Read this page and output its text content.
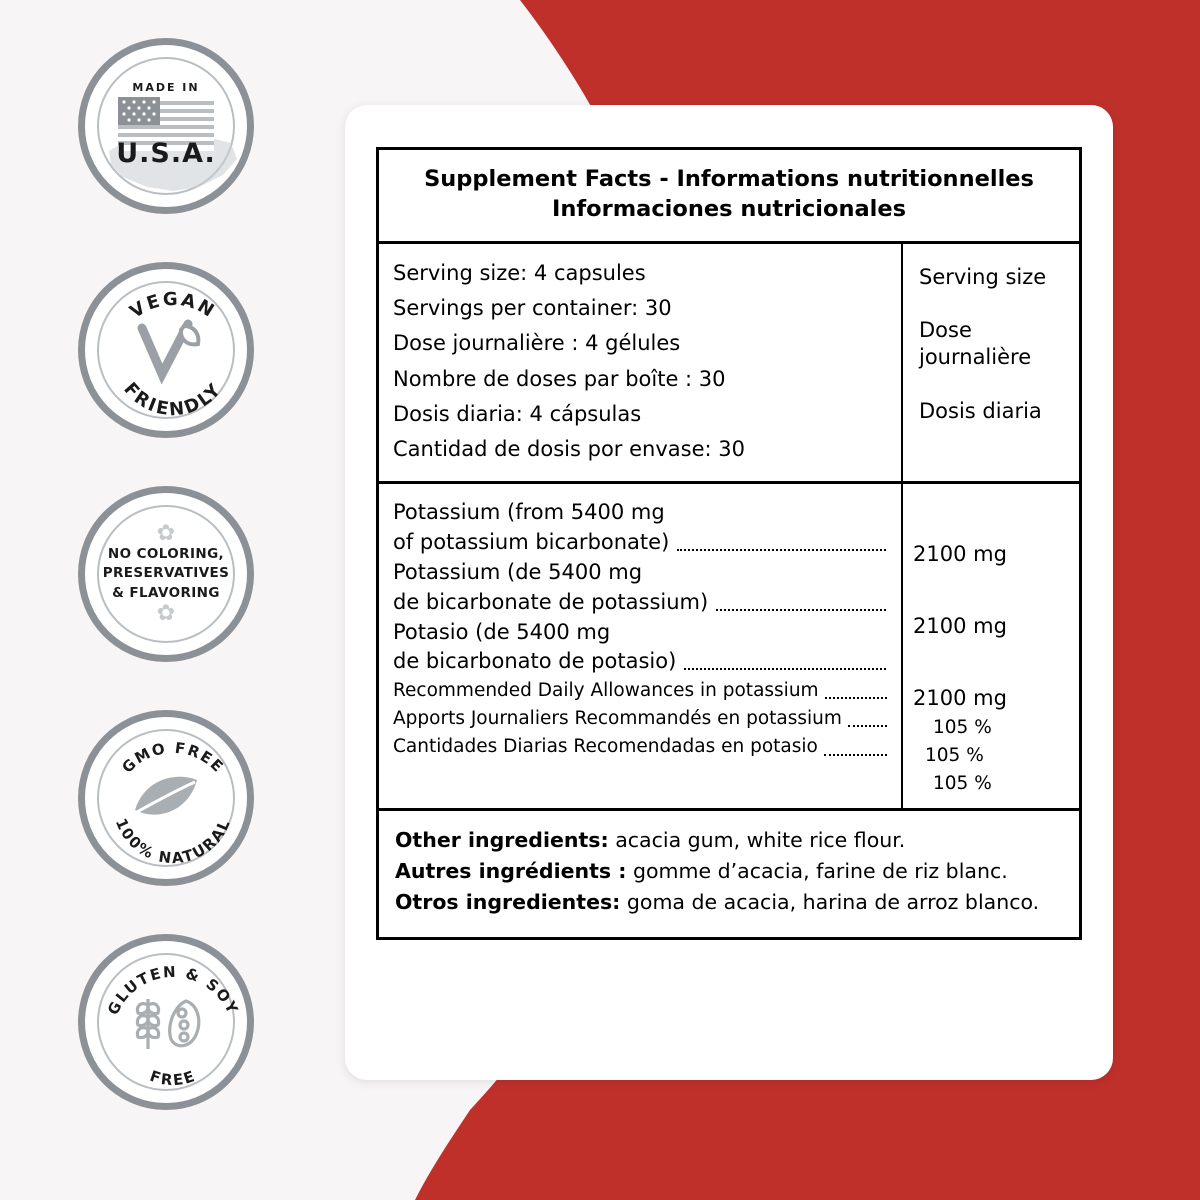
MADE IN
U.S.A.
VEGAN
FRIENDLY
✿
NO COLORING,
PRESERVATIVES
& FLAVORING
✿
GMO FREE
100% NATURAL
GLUTEN & SOY
FREE
Supplement Facts - Informations nutritionnelles
Informaciones nutricionales
Serving size: 4 capsules
Servings per container: 30
Dose journalière : 4 gélules
Nombre de doses par boîte : 30
Dosis diaria: 4 cápsulas
Cantidad de dosis por envase: 30
Serving size
Dose journalière
Dosis diaria
Potassium (from 5400 mg
of potassium bicarbonate)
Potassium (de 5400 mg
de bicarbonate de potassium)
Potasio (de 5400 mg
de bicarbonato de potasio)
Recommended Daily Allowances in potassium
Apports Journaliers Recommandés en potassium
Cantidades Diarias Recomendadas en potasio
2100 mg
2100 mg
2100 mg
105 %
105 %
105 %
Other ingredients: acacia gum, white rice flour.
Autres ingrédients : gomme d’acacia, farine de riz blanc.
Otros ingredientes: goma de acacia, harina de arroz blanco.
